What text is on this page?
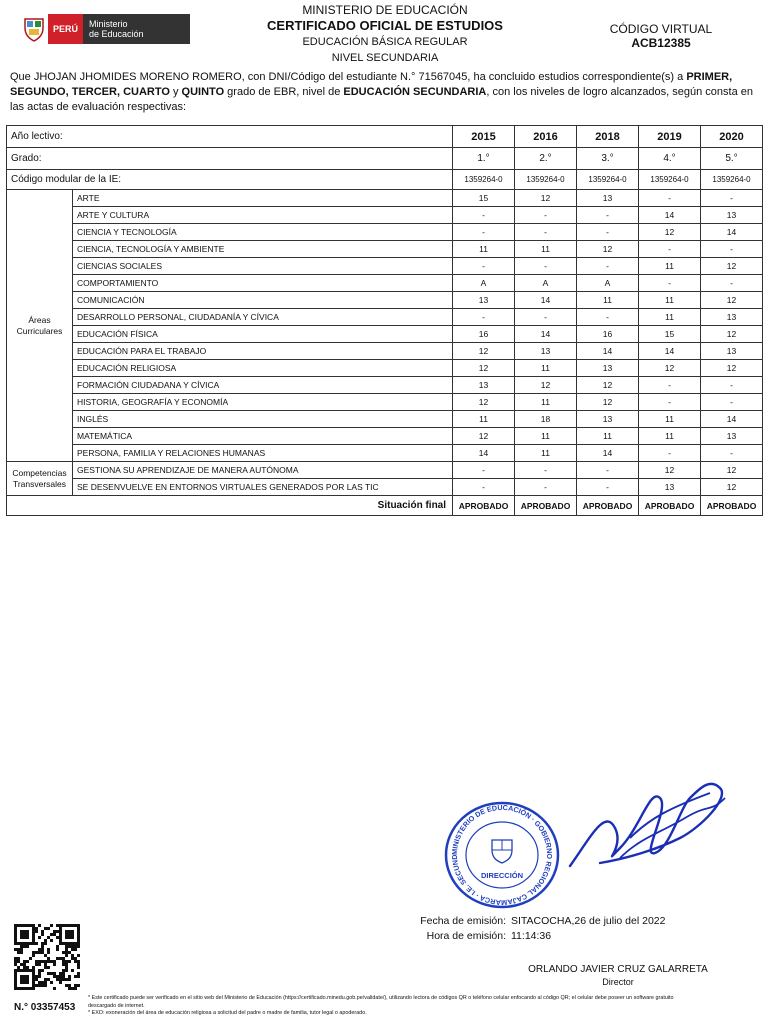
PERÚ	Ministerio
de Educación
MINISTERIO DE EDUCACIÓN
CERTIFICADO OFICIAL DE ESTUDIOS
EDUCACIÓN BÁSICA REGULAR
NIVEL SECUNDARIA
CÓDIGO VIRTUAL
ACB12385
Que JHOJAN JHOMIDES MORENO ROMERO, con DNI/Código del estudiante N.° 71567045, ha concluido estudios correspondiente(s) a PRIMER, SEGUNDO, TERCER, CUARTO y QUINTO grado de EBR, nivel de EDUCACIÓN SECUNDARIA, con los niveles de logro alcanzados, según consta en las actas de evaluación respectivas:
Año lectivo:		2015	2016	2018	2019	2020
Grado:		1.°	2.°	3.°	4.°	5.°
Código modular de la IE:		1359264-0	1359264-0	1359264-0	1359264-0	1359264-0

Áreas
Curriculares	ARTE	15	12	13	-	-
	ARTE Y CULTURA	-	-	-	14	13
	CIENCIA Y TECNOLOGÍA	-	-	-	12	14
	CIENCIA, TECNOLOGÍA Y AMBIENTE	11	11	12	-	-
	CIENCIAS SOCIALES	-	-	-	11	12
	COMPORTAMIENTO	A	A	A	-	-
	COMUNICACIÓN	13	14	11	11	12
	DESARROLLO PERSONAL, CIUDADANÍA Y CÍVICA	-	-	-	11	13
	EDUCACIÓN FÍSICA	16	14	16	15	12
	EDUCACIÓN PARA EL TRABAJO	12	13	14	14	13
	EDUCACIÓN RELIGIOSA	12	11	13	12	12
	FORMACIÓN CIUDADANA Y CÍVICA	13	12	12	-	-
	HISTORIA, GEOGRAFÍA Y ECONOMÍA	12	11	12	-	-
	INGLÉS	11	18	13	11	14
	MATEMÁTICA	12	11	11	11	13
	PERSONA, FAMILIA Y RELACIONES HUMANAS	14	11	14	-	-

Competencias
Transversales	GESTIONA SU APRENDIZAJE DE MANERA AUTÓNOMA	-	-	-	12	12
	SE DESENVUELVE EN ENTORNOS VIRTUALES GENERADOS POR LAS TIC	-	-	-	13	12
Situación final		APROBADO	APROBADO	APROBADO	APROBADO	APROBADO
MINISTERIO DE EDUCACIÓN · GOBIERNO REGIONAL CAJAMARCA · I.E. SECUND
DIRECCIÓN
Fecha de emisión: SITACOCHA,26 de julio del 2022
Hora de emisión: 11:14:36
ORLANDO JAVIER CRUZ GALARRETA
Director
N.° 03357453
* Este certificado puede ser verificado en el sitio web del Ministerio de Educación (https://certificado.minedu.gob.pe/validate/), utilizando lectora de códigos QR o teléfono celular enfocando al código QR; el celular debe poseer un software gratuito
descargado de internet.
* EXO: exoneración del área de educación religiosa a solicitud del padre o madre de familia, tutor legal o apoderado.
